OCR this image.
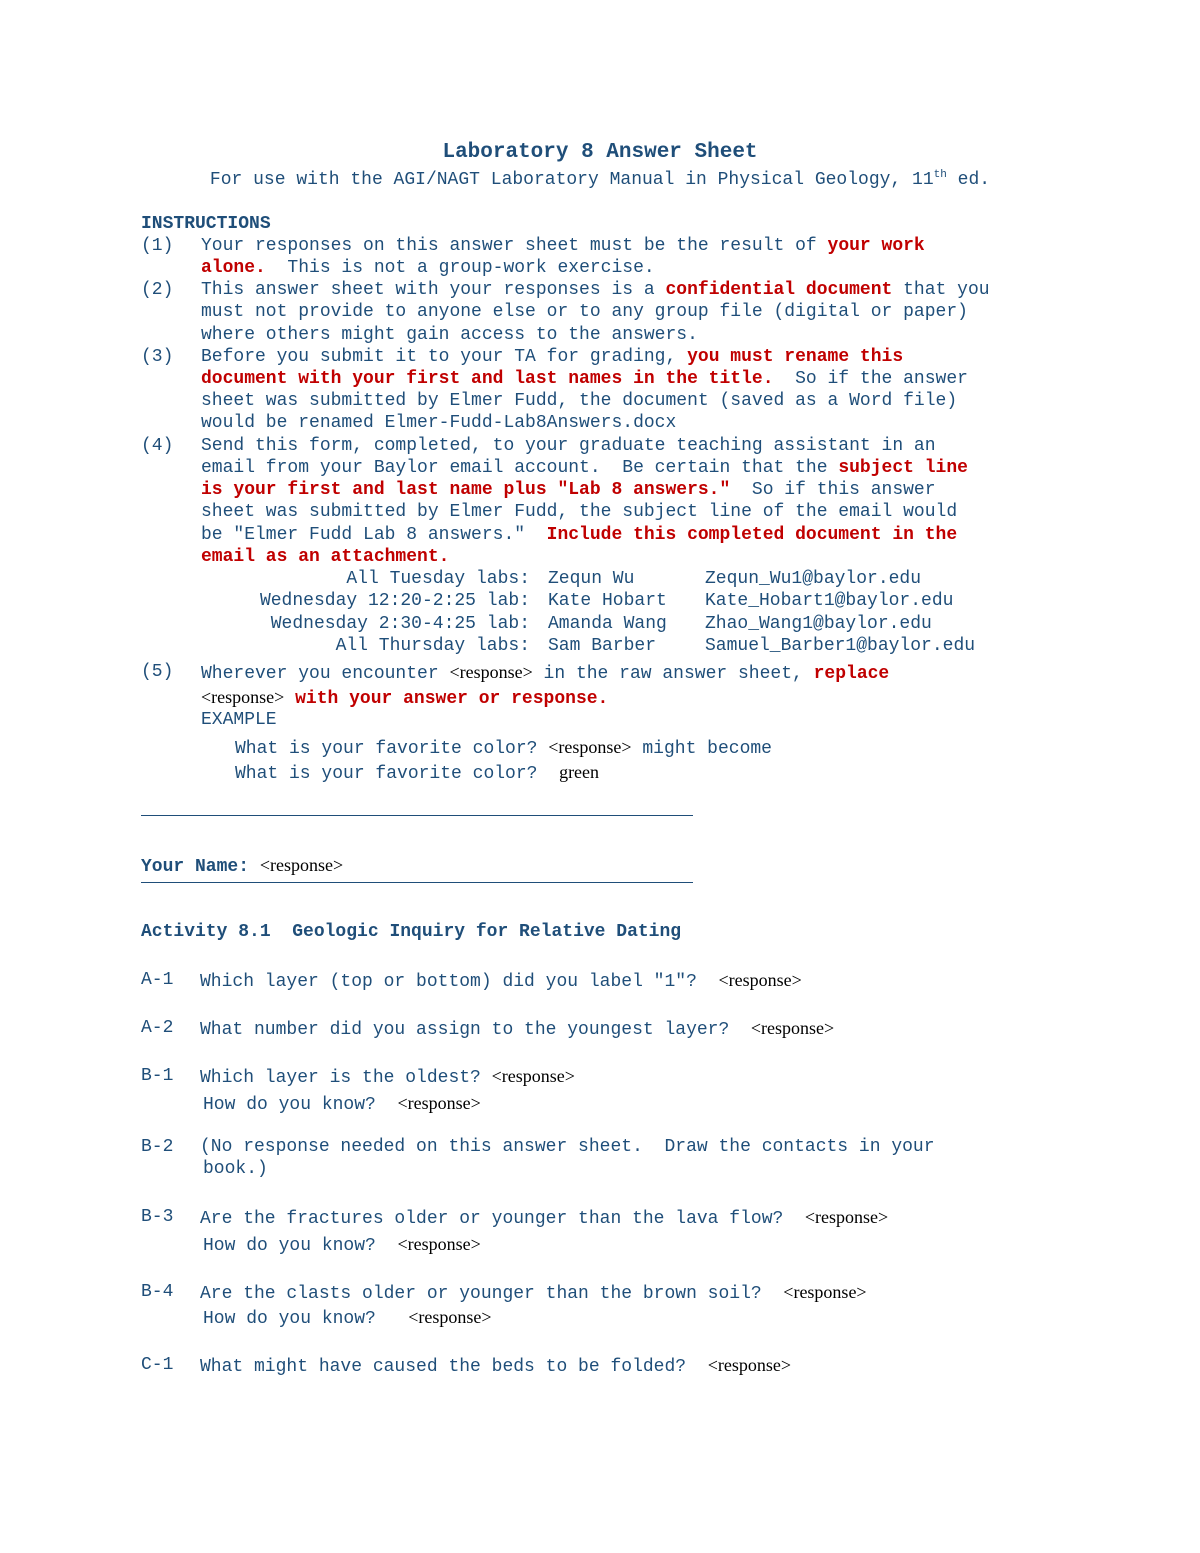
Laboratory 8 Answer Sheet
For use with the AGI/NAGT Laboratory Manual in Physical Geology, 11th ed.
INSTRUCTIONS
(1) Your responses on this answer sheet must be the result of your work
alone.  This is not a group-work exercise.
(2) This answer sheet with your responses is a confidential document that you
must not provide to anyone else or to any group file (digital or paper)
where others might gain access to the answers.
(3) Before you submit it to your TA for grading, you must rename this
document with your first and last names in the title.  So if the answer
sheet was submitted by Elmer Fudd, the document (saved as a Word file)
would be renamed Elmer-Fudd-Lab8Answers.docx
(4) Send this form, completed, to your graduate teaching assistant in an
email from your Baylor email account.  Be certain that the subject line
is your first and last name plus "Lab 8 answers."  So if this answer
sheet was submitted by Elmer Fudd, the subject line of the email would
be "Elmer Fudd Lab 8 answers."  Include this completed document in the
email as an attachment.
All Tuesday labs: Zequn Wu	Zequn_Wu1@baylor.edu
Wednesday 12:20-2:25 lab: Kate Hobart Kate_Hobart1@baylor.edu
Wednesday 2:30-4:25 lab: Amanda Wang Zhao_Wang1@baylor.edu
All Thursday labs: Sam Barber	Samuel_Barber1@baylor.edu
(5) Wherever you encounter <response> in the raw answer sheet, replace
<response> with your answer or response.
EXAMPLE
What is your favorite color? <response> might become
What is your favorite color?  green
Your Name: <response>
Activity 8.1  Geologic Inquiry for Relative Dating
A-1 Which layer (top or bottom) did you label "1"?  <response>
A-2 What number did you assign to the youngest layer?  <response>
B-1 Which layer is the oldest? <response>
How do you know?  <response>
B-2 (No response needed on this answer sheet.  Draw the contacts in your
book.)
B-3 Are the fractures older or younger than the lava flow?  <response>
How do you know?  <response>
B-4 Are the clasts older or younger than the brown soil?  <response>
How do you know?   <response>
C-1 What might have caused the beds to be folded?  <response>
